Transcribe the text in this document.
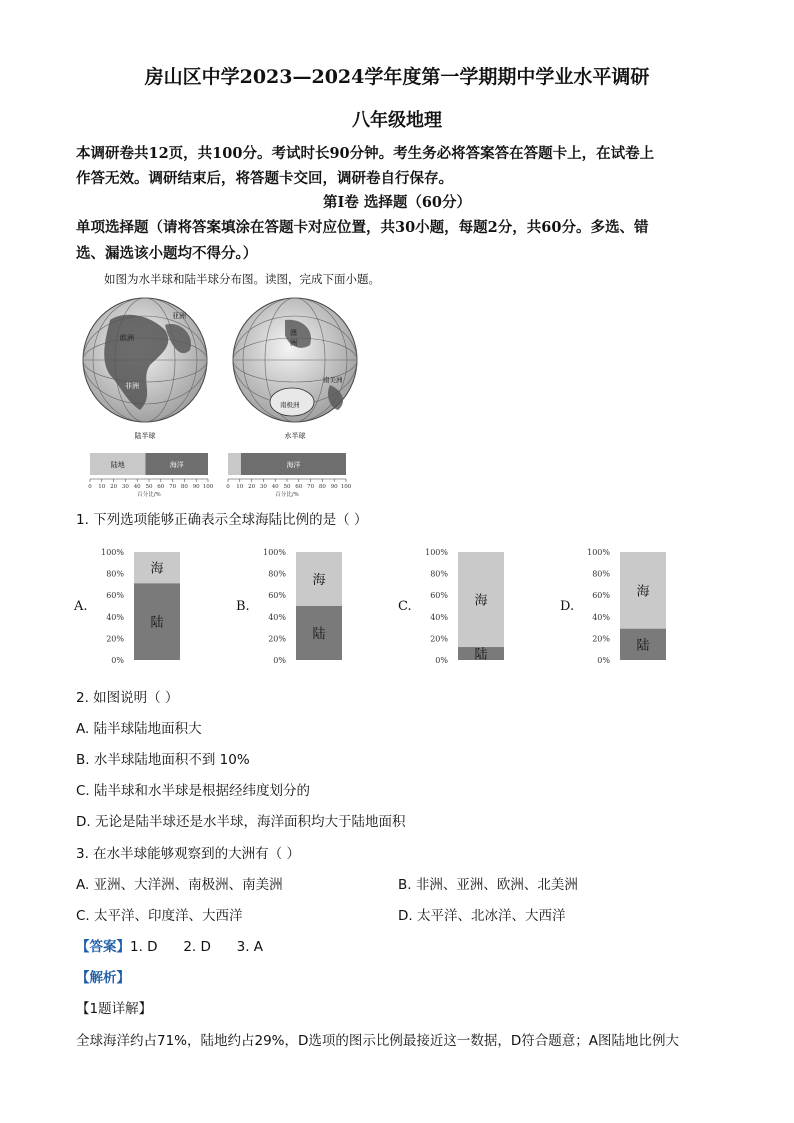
房山区中学2023—2024学年度第一学期期中学业水平调研
八年级地理
本调研卷共12页，共100分。考试时长90分钟。考生务必将答案答在答题卡上，在试卷上
作答无效。调研结束后，将答题卡交回，调研卷自行保存。
第Ⅰ卷 选择题（60分）
单项选择题（请将答案填涂在答题卡对应位置，共30小题，每题2分，共60分。多选、错
选、漏选该小题均不得分。）
如图为水半球和陆半球分布图。读图，完成下面小题。
亚洲
欧洲
非洲
陆半球
澳
洲
南极洲
南美洲
水半球
陆地	海洋
0 10 20 30 40 50 60 70 80 90 100
百分比/%
海洋
0 10 20 30 40 50 60 70 80 90 100
百分比/%
1. 下列选项能够正确表示全球海陆比例的是（ ）
A.
100%
80%
60%
40%
20%
0%
海
陆
B.
100%
80%
60%
40%
20%
0%
海
陆
C.
100%
80%
60%
40%
20%
0%
海
陆
D.
100%
80%
60%
40%
20%
0%
海
陆
2. 如图说明（ ）
A. 陆半球陆地面积大
B. 水半球陆地面积不到 10%
C. 陆半球和水半球是根据经纬度划分的
D. 无论是陆半球还是水半球，海洋面积均大于陆地面积
3. 在水半球能够观察到的大洲有（ ）
A. 亚洲、大洋洲、南极洲、南美洲	B. 非洲、亚洲、欧洲、北美洲
C. 太平洋、印度洋、大西洋	D. 太平洋、北冰洋、大西洋
【答案】1. D      2. D      3. A
【解析】
【1题详解】
全球海洋约占71%，陆地约占29%，D选项的图示比例最接近这一数据，D符合题意；A图陆地比例大
